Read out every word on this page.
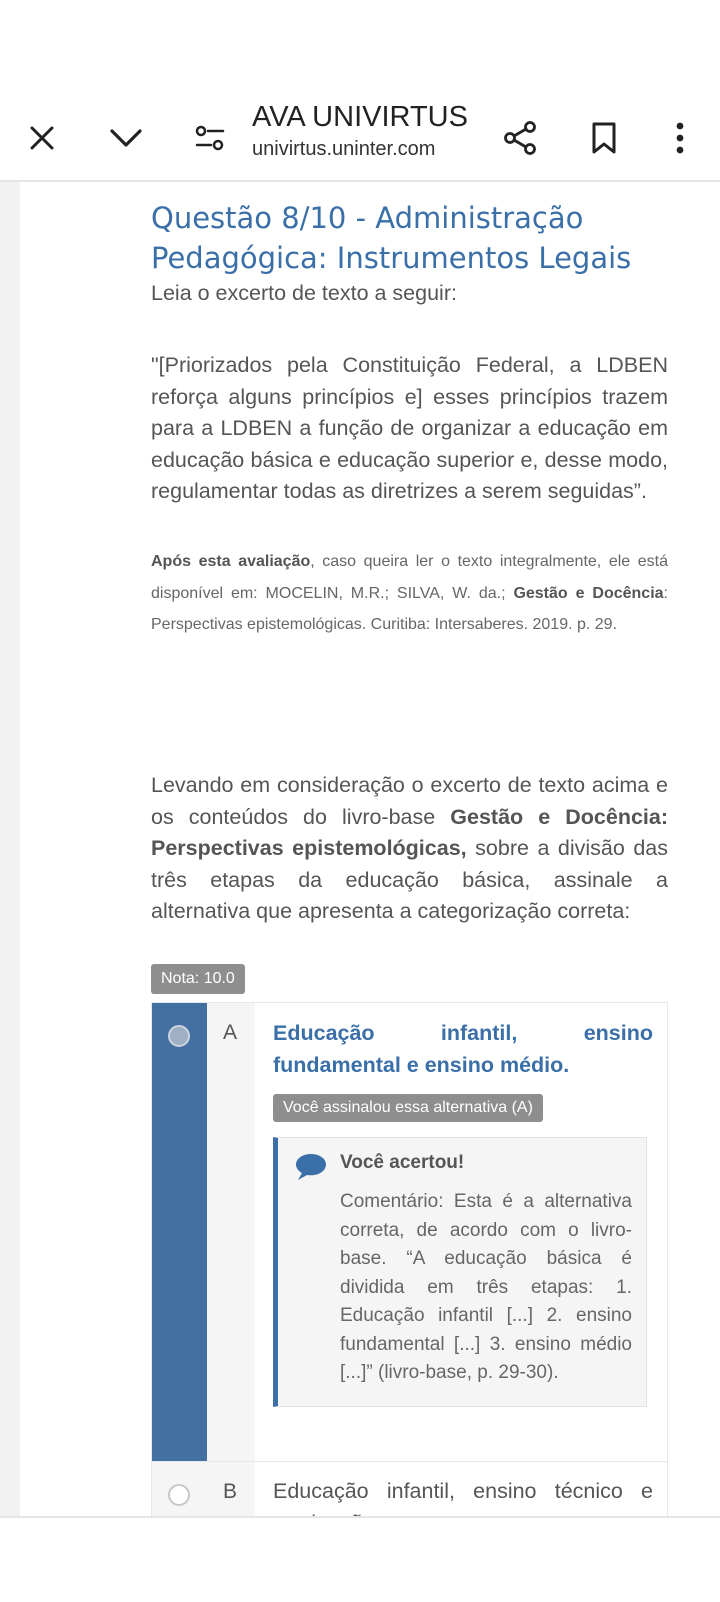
AVA UNIVIRTUS
univirtus.uninter.com
Questão 8/10 - Administração Pedagógica: Instrumentos Legais
Leia o excerto de texto a seguir:
"[Priorizados pela Constituição Federal, a LDBEN reforça alguns princípios e] esses princípios trazem para a LDBEN a função de organizar a educação em educação básica e educação superior e, desse modo, regulamentar todas as diretrizes a serem seguidas”.
Após esta avaliação, caso queira ler o texto integralmente, ele está disponível em: MOCELIN, M.R.; SILVA, W. da.; Gestão e Docência: Perspectivas epistemológicas. Curitiba: Intersaberes. 2019. p. 29.
Levando em consideração o excerto de texto acima e os conteúdos do livro-base Gestão e Docência: Perspectivas epistemológicas, sobre a divisão das três etapas da educação básica, assinale a alternativa que apresenta a categorização correta:
Nota: 10.0
A Educação infantil, ensino fundamental e ensino médio.
Você assinalou essa alternativa (A)
Você acertou!
Comentário: Esta é a alternativa correta, de acordo com o livro-base. “A educação básica é dividida em três etapas: 1. Educação infantil [...] 2. ensino fundamental [...] 3. ensino médio [...]” (livro-base, p. 29-30).
B Educação infantil, ensino técnico e
